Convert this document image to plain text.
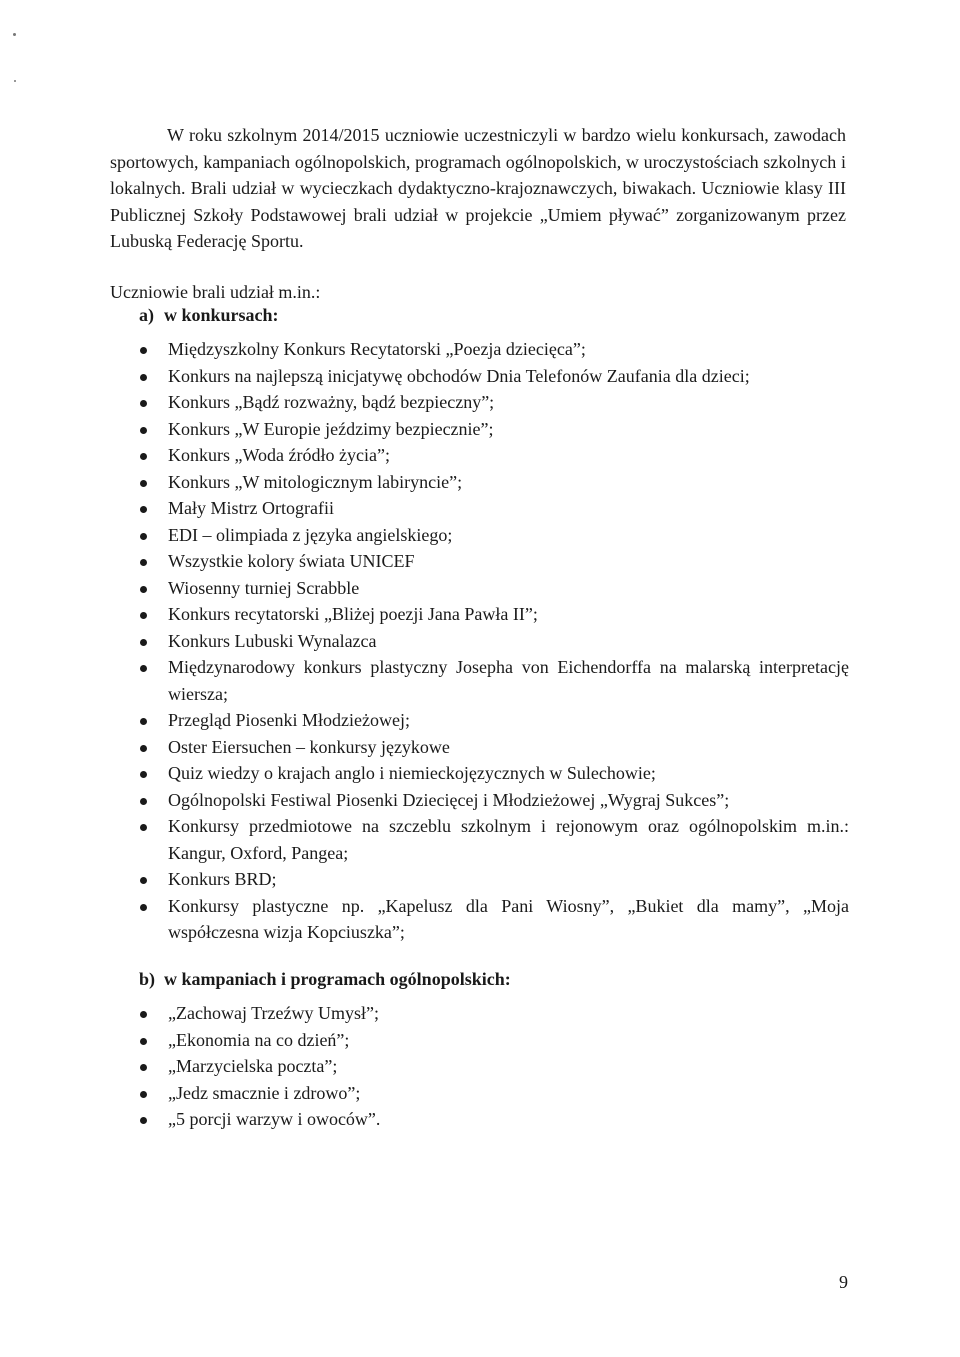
W roku szkolnym 2014/2015 uczniowie uczestniczyli w bardzo wielu konkursach, zawodach sportowych, kampaniach ogólnopolskich, programach ogólnopolskich, w uroczystościach szkolnych i lokalnych. Brali udział w wycieczkach dydaktyczno-krajoznawczych, biwakach. Uczniowie klasy III Publicznej Szkoły Podstawowej brali udział w projekcie „Umiem pływać” zorganizowanym przez Lubuską Federację Sportu.

Uczniowie brali udział m.in.:

a) w konkursach:

Międzyszkolny Konkurs Recytatorski „Poezja dziecięca”;
Konkurs na najlepszą inicjatywę obchodów Dnia Telefonów Zaufania dla dzieci;
Konkurs „Bądź rozważny, bądź bezpieczny”;
Konkurs „W Europie jeździmy bezpiecznie”;
Konkurs „Woda źródło życia”;
Konkurs „W mitologicznym labiryncie”;
Mały Mistrz Ortografii
EDI – olimpiada z języka angielskiego;
Wszystkie kolory świata UNICEF
Wiosenny turniej Scrabble
Konkurs recytatorski „Bliżej poezji Jana Pawła II”;
Konkurs Lubuski Wynalazca
Międzynarodowy konkurs plastyczny Josepha von Eichendorffa na malarską interpretację wiersza;
Przegląd Piosenki Młodzieżowej;
Oster Eiersuchen – konkursy językowe
Quiz wiedzy o krajach anglo i niemieckojęzycznych w Sulechowie;
Ogólnopolski Festiwal Piosenki Dziecięcej i Młodzieżowej „Wygraj Sukces”;
Konkursy przedmiotowe na szczeblu szkolnym i rejonowym oraz ogólnopolskim m.in.: Kangur, Oxford, Pangea;
Konkurs BRD;
Konkursy plastyczne np. „Kapelusz dla Pani Wiosny”, „Bukiet dla mamy”, „Moja współczesna wizja Kopciuszka”;

b) w kampaniach i programach ogólnopolskich:

„Zachowaj Trzeźwy Umysł”;
„Ekonomia na co dzień”;
„Marzycielska poczta”;
„Jedz smacznie i zdrowo”;
„5 porcji warzyw i owoców”.
9
